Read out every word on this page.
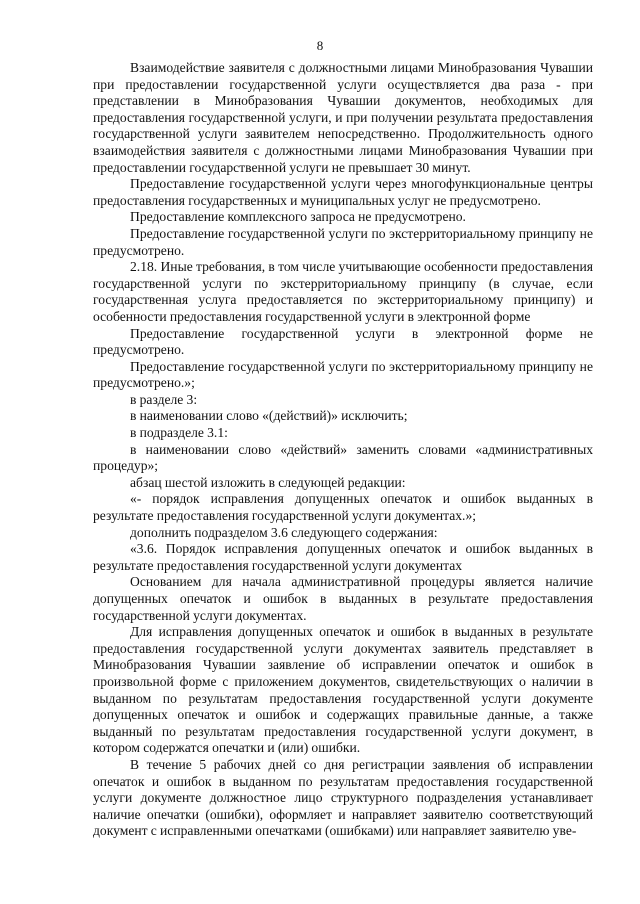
8

Взаимодействие заявителя с должностными лицами Минобразования Чувашии при предоставлении государственной услуги осуществляется два раза - при представлении в Минобразования Чувашии документов, необходимых для предоставления государственной услуги, и при получении результата предоставления государственной услуги заявителем непосредственно. Продолжительность одного взаимодействия заявителя с должностными лицами Минобразования Чувашии при предоставлении государственной услуги не превышает 30 минут.

Предоставление государственной услуги через многофункциональные центры предоставления государственных и муниципальных услуг не предусмотрено.

Предоставление комплексного запроса не предусмотрено.

Предоставление государственной услуги по экстерриториальному принципу не предусмотрено.

2.18. Иные требования, в том числе учитывающие особенности предоставления государственной услуги по экстерриториальному принципу (в случае, если государственная услуга предоставляется по экстерриториальному принципу) и особенности предоставления государственной услуги в электронной форме

Предоставление государственной услуги в электронной форме не предусмотрено.

Предоставление государственной услуги по экстерриториальному принципу не предусмотрено.»;

в разделе 3:

в наименовании слово «(действий)» исключить;

в подразделе 3.1:

в наименовании слово «действий» заменить словами «административных процедур»;

абзац шестой изложить в следующей редакции:

«- порядок исправления допущенных опечаток и ошибок выданных в результате предоставления государственной услуги документах.»;

дополнить подразделом 3.6 следующего содержания:

«3.6. Порядок исправления допущенных опечаток и ошибок выданных в результате предоставления государственной услуги документах

Основанием для начала административной процедуры является наличие допущенных опечаток и ошибок в выданных в результате предоставления государственной услуги документах.

Для исправления допущенных опечаток и ошибок в выданных в результате предоставления государственной услуги документах заявитель представляет в Минобразования Чувашии заявление об исправлении опечаток и ошибок в произвольной форме с приложением документов, свидетельствующих о наличии в выданном по результатам предоставления государственной услуги документе допущенных опечаток и ошибок и содержащих правильные данные, а также выданный по результатам предоставления государственной услуги документ, в котором содержатся опечатки и (или) ошибки.

В течение 5 рабочих дней со дня регистрации заявления об исправлении опечаток и ошибок в выданном по результатам предоставления государственной услуги документе должностное лицо структурного подразделения устанавливает наличие опечатки (ошибки), оформляет и направляет заявителю соответствующий документ с исправленными опечатками (ошибками) или направляет заявителю уве-
